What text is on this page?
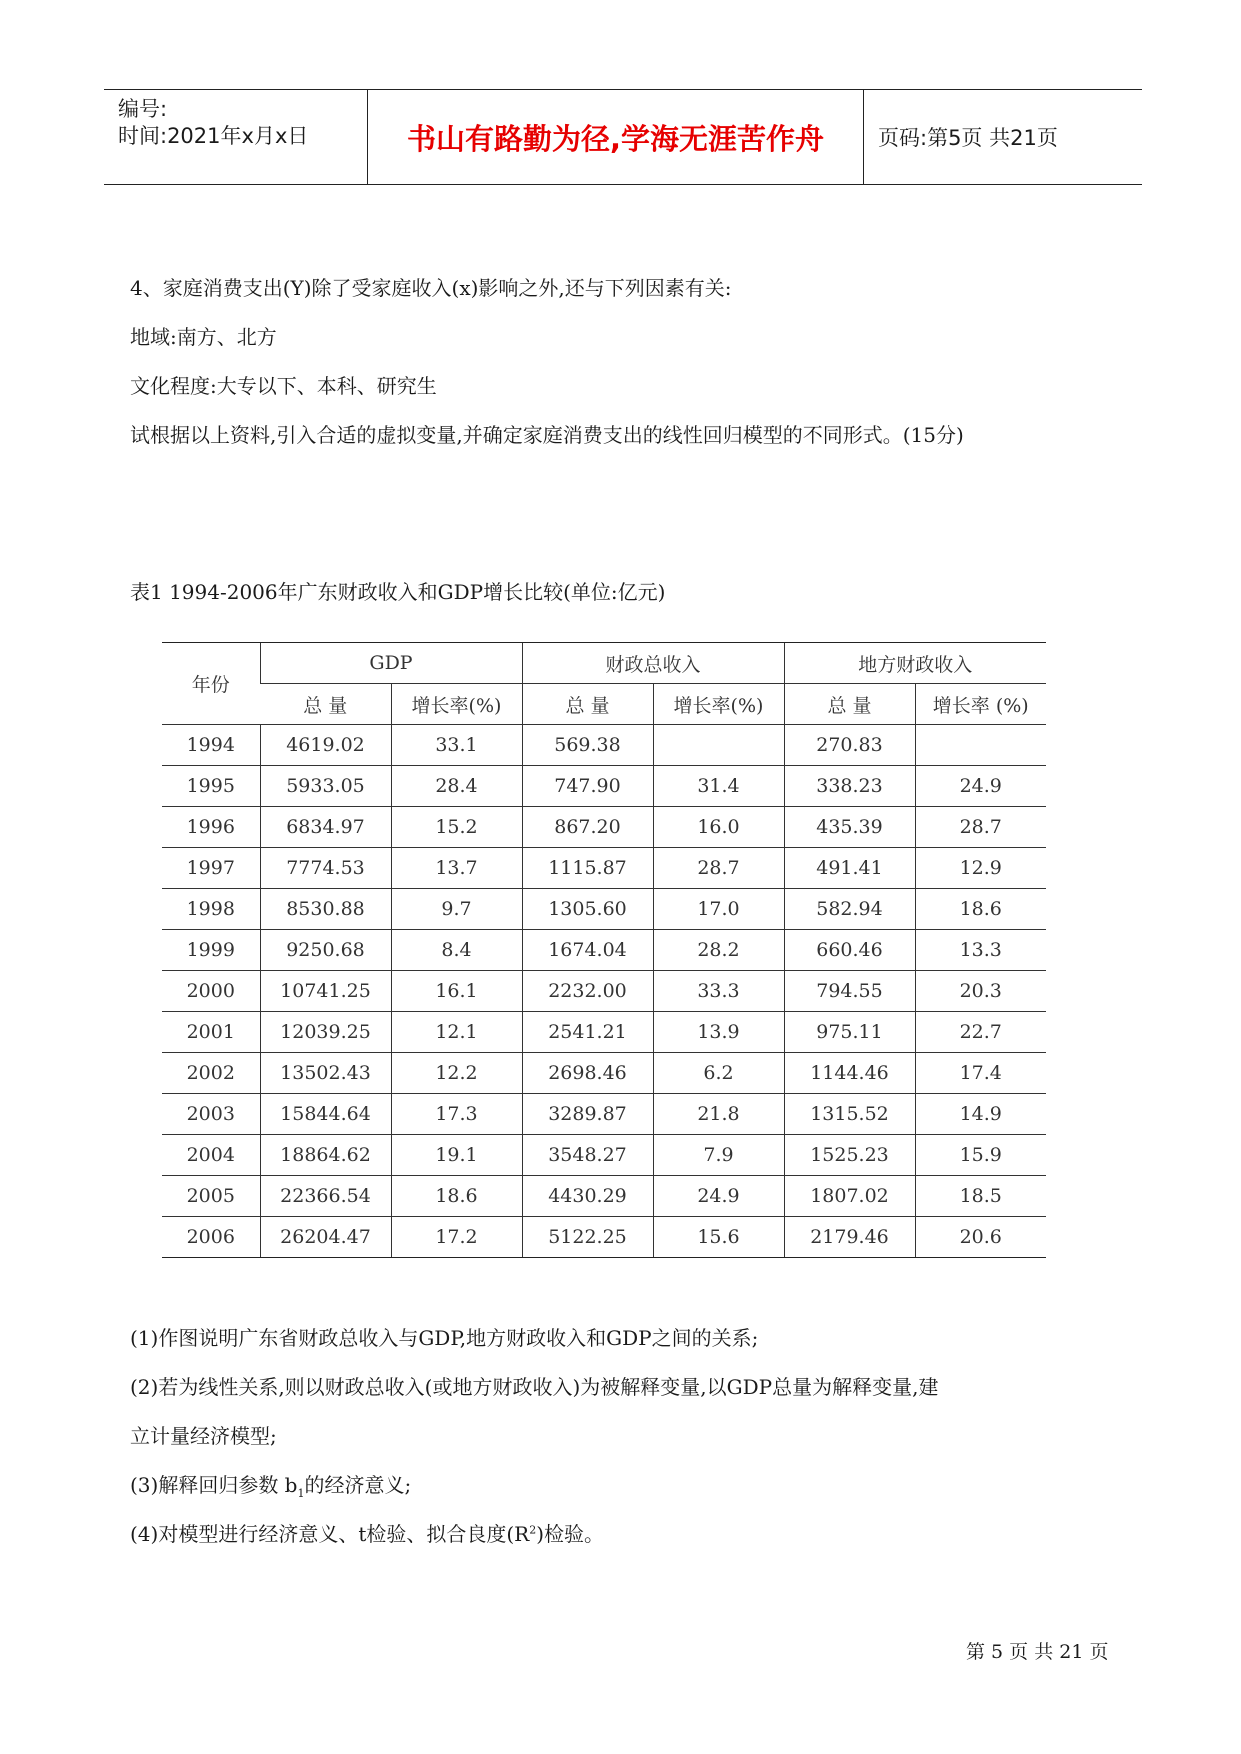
编号:
时间:2021年x月x日	书山有路勤为径,学海无涯苦作舟	页码:第5页 共21页
4、家庭消费支出(Y)除了受家庭收入(x)影响之外,还与下列因素有关:
地域:南方、北方
文化程度:大专以下、本科、研究生
试根据以上资料,引入合适的虚拟变量,并确定家庭消费支出的线性回归模型的不同形式。(15分)
表1 1994-2006年广东财政收入和GDP增长比较(单位:亿元)
年份	GDP		财政总收入		地方财政收入	
	总 量	增长率(%)	总 量	增长率(%)	总 量	增长率 (%)
1994	4619.02	33.1	569.38		270.83	
1995	5933.05	28.4	747.90	31.4	338.23	24.9
1996	6834.97	15.2	867.20	16.0	435.39	28.7
1997	7774.53	13.7	1115.87	28.7	491.41	12.9
1998	8530.88	9.7	1305.60	17.0	582.94	18.6
1999	9250.68	8.4	1674.04	28.2	660.46	13.3
2000	10741.25	16.1	2232.00	33.3	794.55	20.3
2001	12039.25	12.1	2541.21	13.9	975.11	22.7
2002	13502.43	12.2	2698.46	6.2	1144.46	17.4
2003	15844.64	17.3	3289.87	21.8	1315.52	14.9
2004	18864.62	19.1	3548.27	7.9	1525.23	15.9
2005	22366.54	18.6	4430.29	24.9	1807.02	18.5
2006	26204.47	17.2	5122.25	15.6	2179.46	20.6
(1)作图说明广东省财政总收入与GDP,地方财政收入和GDP之间的关系;
(2)若为线性关系,则以财政总收入(或地方财政收入)为被解释变量,以GDP总量为解释变量,建
立计量经济模型;
(3)解释回归参数 $b_1$的经济意义;
(4)对模型进行经济意义、t检验、拟合良度$(R^2)$检验。
第 5 页 共 21 页
